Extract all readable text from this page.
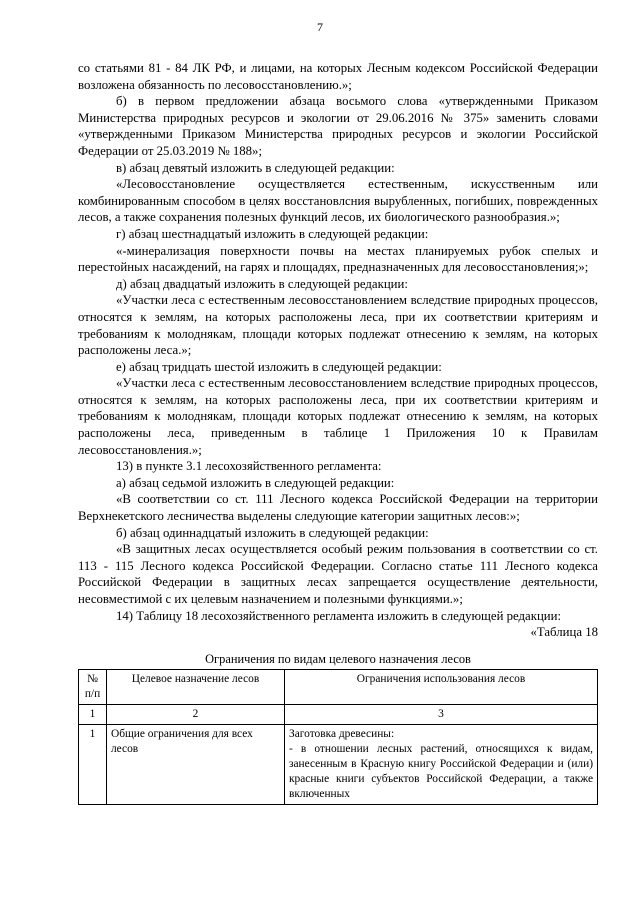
7

со статьями 81 - 84 ЛК РФ, и лицами, на которых Лесным кодексом Российской Федерации возложена обязанность по лесовосстановлению.»;

б) в первом предложении абзаца восьмого слова «утвержденными Приказом Министерства природных ресурсов и экологии от 29.06.2016 № 375» заменить словами «утвержденными Приказом Министерства природных ресурсов и экологии Российской Федерации от 25.03.2019 № 188»;

в) абзац девятый изложить в следующей редакции:

«Лесовосстановление осуществляется естественным, искусственным или комбинированным способом в целях восстановлсния вырубленных, погибших, поврежденных лесов, а также сохранения полезных функций лесов, их биологического разнообразия.»;

г) абзац шестнадцатый изложить в следующей редакции:

«-минерализация поверхности почвы на местах планируемых рубок спелых и перестойных насаждений, на гарях и площадях, предназначенных для лесовосстановления;»;

д) абзац двадцатый изложить в следующей редакции:

«Участки леса с естественным лесовосстановлением вследствие природных процессов, относятся к землям, на которых расположены леса, при их соответствии критериям и требованиям к молоднякам, площади которых подлежат отнесению к землям, на которых расположены леса.»;

е) абзац тридцать шестой изложить в следующей редакции:

«Участки леса с естественным лесовосстановлением вследствие природных процессов, относятся к землям, на которых расположены леса, при их соответствии критериям и требованиям к молоднякам, площади которых подлежат отнесению к землям, на которых расположены леса, приведенным в таблице 1 Приложения 10 к Правилам лесовосстановления.»;

13) в пункте 3.1 лесохозяйственного регламента:

а) абзац седьмой изложить в следующей редакции:

«В соответствии со ст. 111 Лесного кодекса Российской Федерации на территории Верхнекетского лесничества выделены следующие категории защитных лесов:»;

б) абзац одиннадцатый изложить в следующей редакции:

«В защитных лесах осуществляется особый режим пользования в соответствии со ст. 113 - 115 Лесного кодекса Российской Федерации. Согласно статье 111 Лесного кодекса Российской Федерации в защитных лесах запрещается осуществление деятельности, несовместимой с их целевым назначением и полезными функциями.»;

14) Таблицу 18 лесохозяйственного регламента изложить в следующей редакции:

«Таблица 18

Ограничения по видам целевого назначения лесов

№ п/п	Целевое назначение лесов	Ограничения использования лесов
1	2	3
1	Общие ограничения для всех лесов	Заготовка древесины:
- в отношении лесных растений, относящихся к видам, занесенным в Красную книгу Российской Федерации и (или) красные книги субъектов Российской Федерации, а также включенных
